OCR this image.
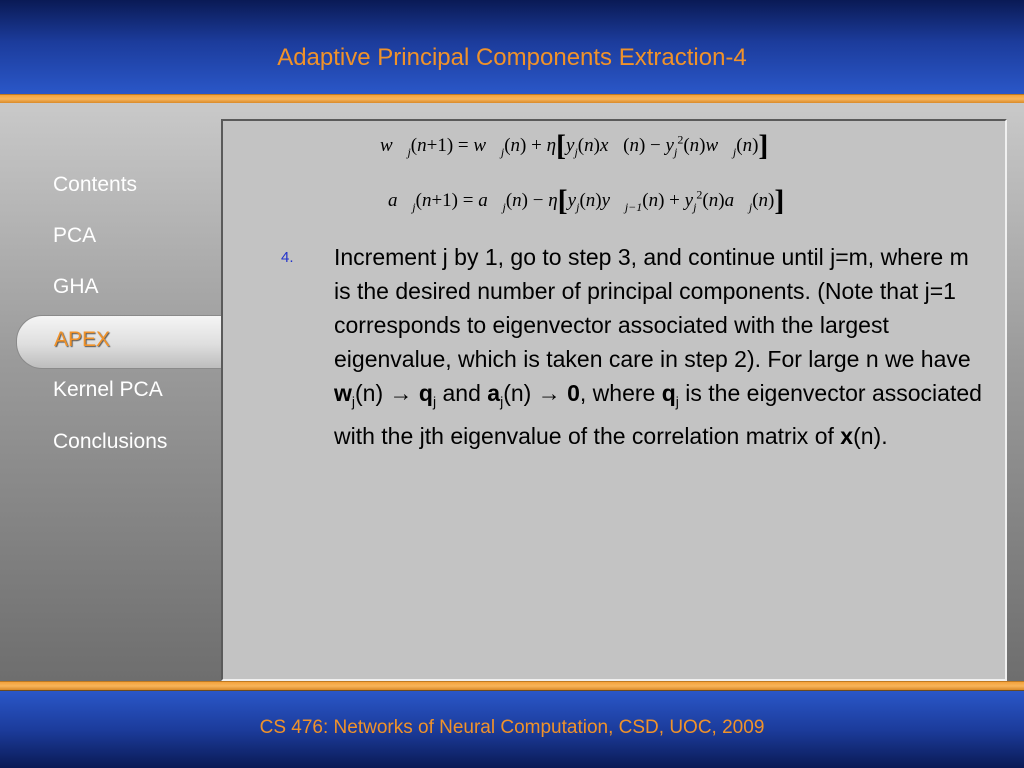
Adaptive Principal Components Extraction-4
Contents
PCA
GHA
APEX
Kernel PCA
Conclusions
$w⃗_j(n+1)$ = $w⃗_j(n)$ + $\eta[y_j(n)x⃗(n)$ − $y_j^2(n)w⃗_j(n)$]
$a⃗_j(n+1)$ = $a⃗_j(n)$ − $\eta[y_j(n)y⃗_{j-1}(n)$ + $y_j^2(n)a⃗_j(n)$]
4. Increment j by 1, go to step 3, and continue until j=m, where m is the desired number of principal components. (Note that j=1 corresponds to eigenvector associated with the largest eigenvalue, which is taken care in step 2). For large n we have $w_j(n) \to q_j$ and $a_j(n) \to 0$, where $q_j$ is the eigenvector associated with the jth eigenvalue of the correlation matrix of x(n).
CS 476: Networks of Neural Computation, CSD, UOC, 2009
